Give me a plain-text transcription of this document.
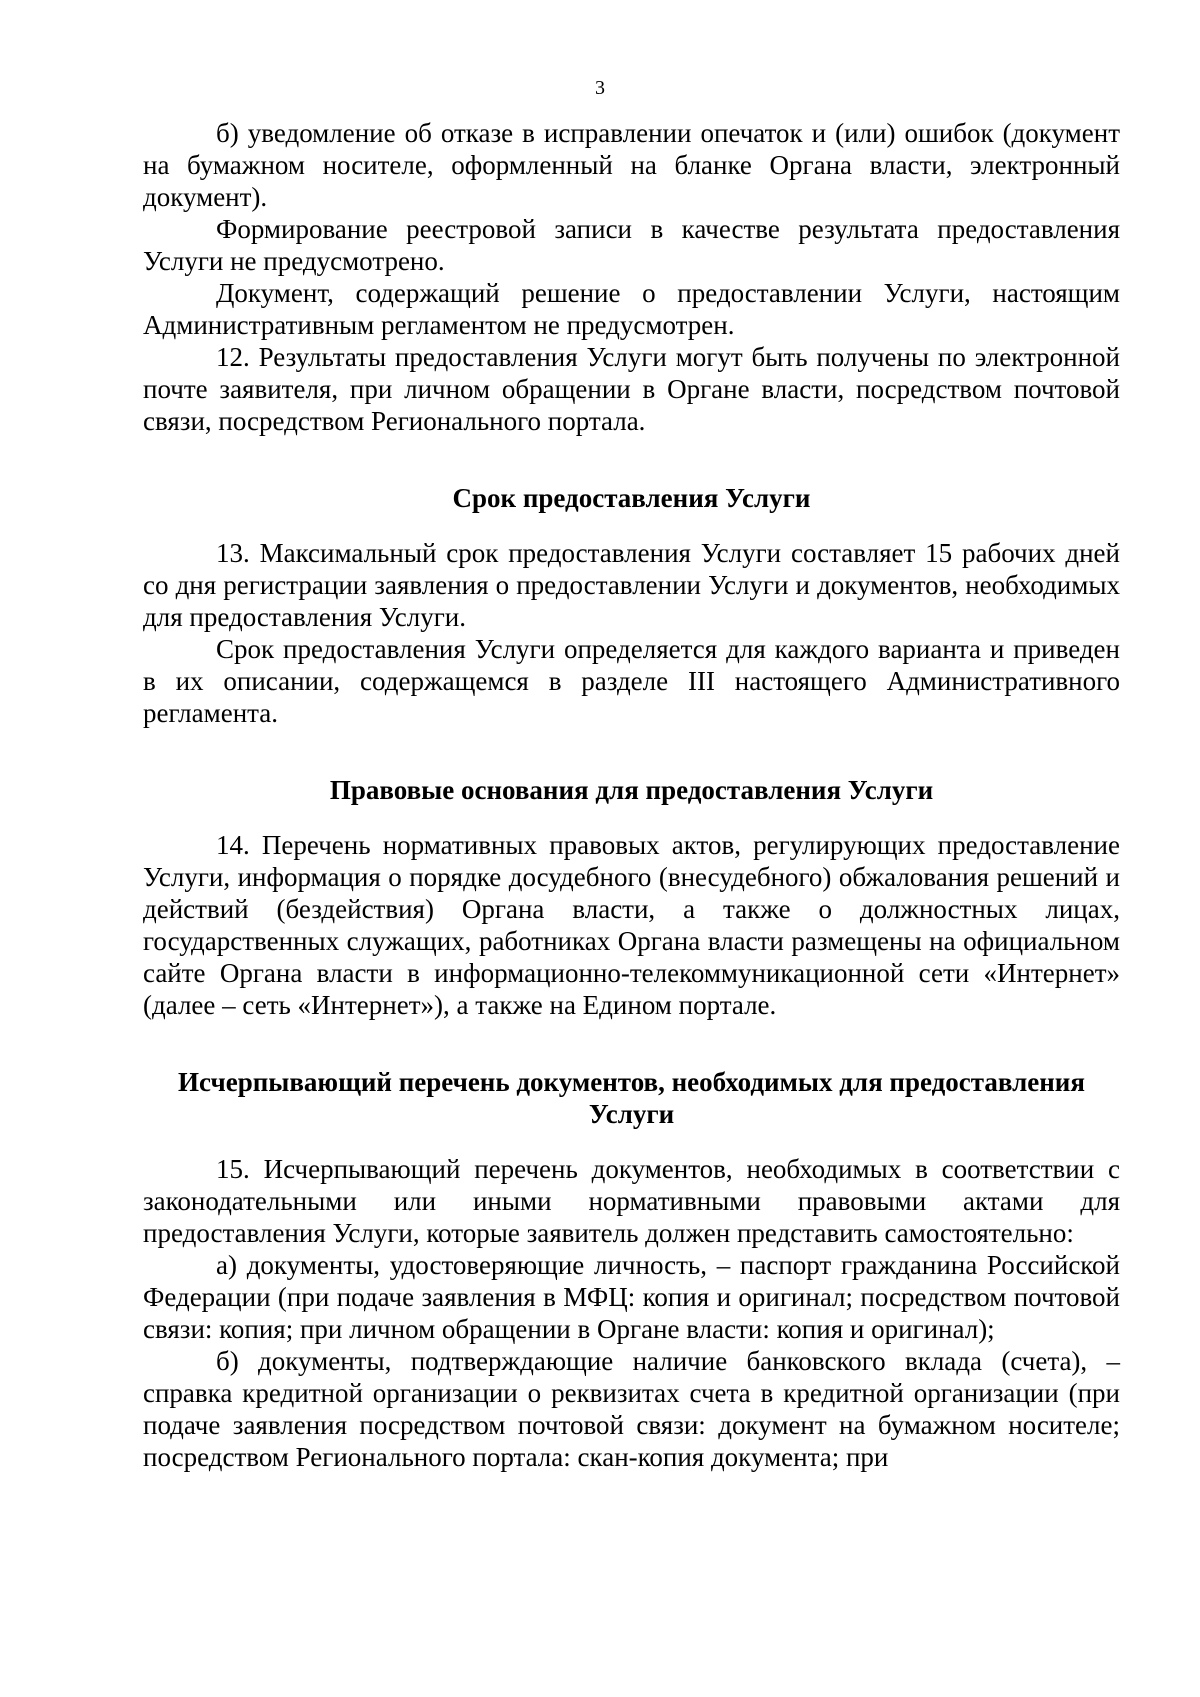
3

б) уведомление об отказе в исправлении опечаток и (или) ошибок (документ на бумажном носителе, оформленный на бланке Органа власти, электронный документ).

Формирование реестровой записи в качестве результата предоставления Услуги не предусмотрено.

Документ, содержащий решение о предоставлении Услуги, настоящим Административным регламентом не предусмотрен.

12. Результаты предоставления Услуги могут быть получены по электронной почте заявителя, при личном обращении в Органе власти, посредством почтовой связи, посредством Регионального портала.

Срок предоставления Услуги

13. Максимальный срок предоставления Услуги составляет 15 рабочих дней со дня регистрации заявления о предоставлении Услуги и документов, необходимых для предоставления Услуги.

Срок предоставления Услуги определяется для каждого варианта и приведен в их описании, содержащемся в разделе III настоящего Административного регламента.

Правовые основания для предоставления Услуги

14. Перечень нормативных правовых актов, регулирующих предоставление Услуги, информация о порядке досудебного (внесудебного) обжалования решений и действий (бездействия) Органа власти, а также о должностных лицах, государственных служащих, работниках Органа власти размещены на официальном сайте Органа власти в информационно-телекоммуникационной сети «Интернет» (далее – сеть «Интернет»), а также на Едином портале.

Исчерпывающий перечень документов, необходимых для предоставления
Услуги

15. Исчерпывающий перечень документов, необходимых в соответствии с законодательными или иными нормативными правовыми актами для предоставления Услуги, которые заявитель должен представить самостоятельно:

а) документы, удостоверяющие личность, – паспорт гражданина Российской Федерации (при подаче заявления в МФЦ: копия и оригинал; посредством почтовой связи: копия; при личном обращении в Органе власти: копия и оригинал);

б) документы, подтверждающие наличие банковского вклада (счета), – справка кредитной организации о реквизитах счета в кредитной организации (при подаче заявления посредством почтовой связи: документ на бумажном носителе; посредством Регионального портала: скан-копия документа; при
